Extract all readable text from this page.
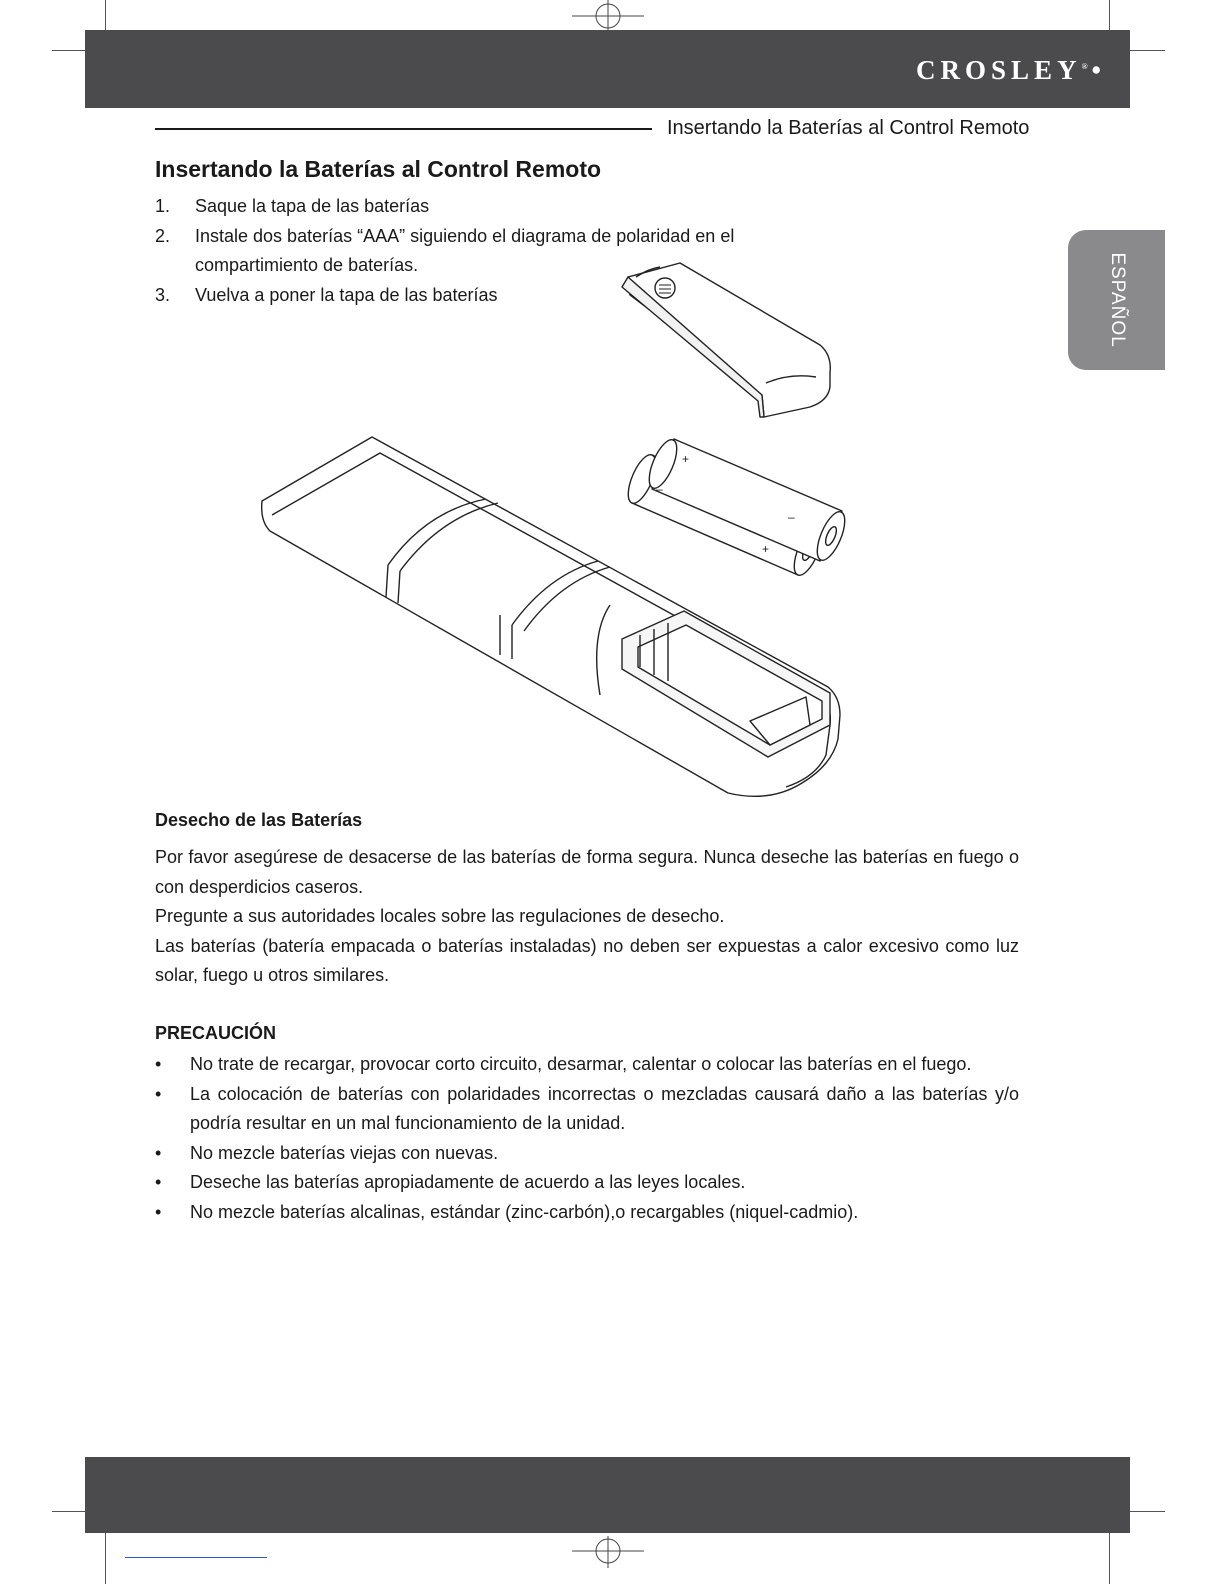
CROSLEY® •
Insertando la Baterías al Control Remoto
ESPAÑOL
Insertando la Baterías al Control Remoto
1. Saque la tapa de las baterías
2. Instale dos baterías “AAA” siguiendo el diagrama de polaridad en el compartimiento de baterías.
3. Vuelva a poner la tapa de las baterías
+
–
–
+
Desecho de las Baterías

Por favor asegúrese de desacerse de las baterías de forma segura. Nunca deseche las baterías en fuego o con desperdicios caseros.

Pregunte a sus autoridades locales sobre las regulaciones de desecho.

Las baterías (batería empacada o baterías instaladas) no deben ser expuestas a calor excesivo como luz solar, fuego u otros similares.

PRECAUCIÓN
• No trate de recargar, provocar corto circuito, desarmar, calentar o colocar las baterías en el fuego.
• La colocación de baterías con polaridades incorrectas o mezcladas causará daño a las baterías y/o podría resultar en un mal funcionamiento de la unidad.
• No mezcle baterías viejas con nuevas.
• Deseche las baterías apropiadamente de acuerdo a las leyes locales.
• No mezcle baterías alcalinas, estándar (zinc-carbón),o recargables (niquel-cadmio).
